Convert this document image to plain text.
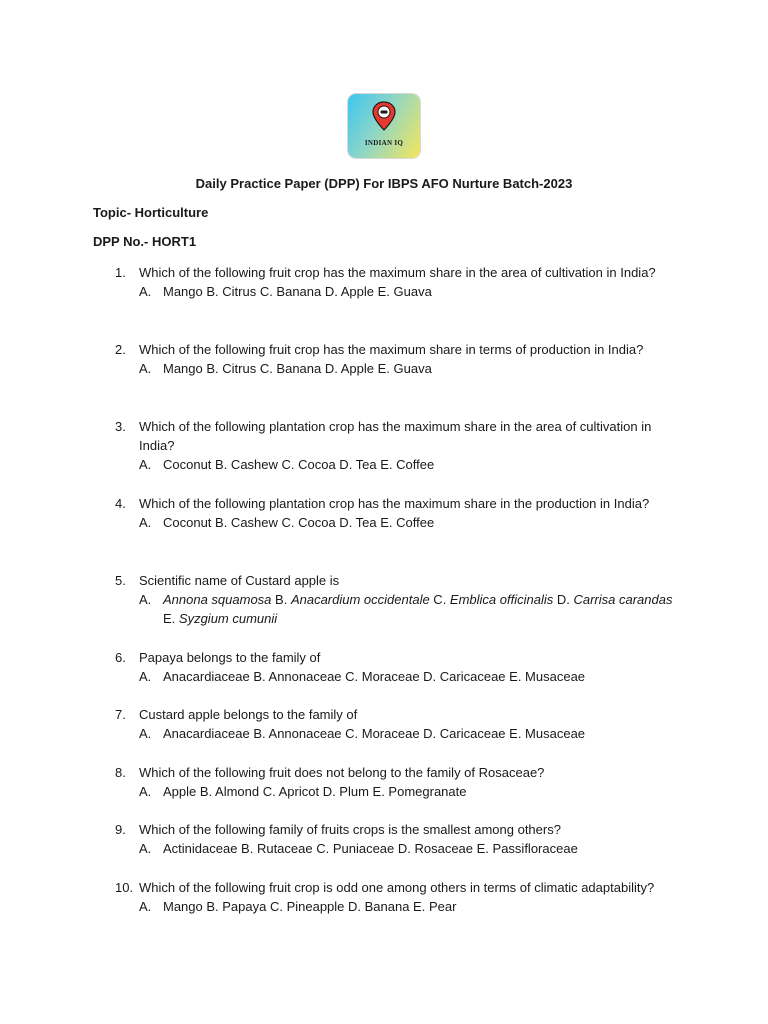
INDIAN IQ
Daily Practice Paper (DPP) For IBPS AFO Nurture Batch-2023
Topic- Horticulture
DPP No.- HORT1
1.	Which of the following fruit crop has the maximum share in the area of cultivation in India?
A. Mango B. Citrus C. Banana D. Apple E. Guava
2.	Which of the following fruit crop has the maximum share in terms of production in India?
A. Mango B. Citrus C. Banana D. Apple E. Guava
3.	Which of the following plantation crop has the maximum share in the area of cultivation in India?
A. Coconut B. Cashew C. Cocoa D. Tea E. Coffee
4.	Which of the following plantation crop has the maximum share in the production in India?
A. Coconut B. Cashew C. Cocoa D. Tea E. Coffee
5.	Scientific name of Custard apple is
A. Annona squamosa B. Anacardium occidentale C. Emblica officinalis D. Carrisa carandas E. Syzgium cumunii
6.	Papaya belongs to the family of
A. Anacardiaceae B. Annonaceae C. Moraceae D. Caricaceae E. Musaceae
7.	Custard apple belongs to the family of
A. Anacardiaceae B. Annonaceae C. Moraceae D. Caricaceae E. Musaceae
8.	Which of the following fruit does not belong to the family of Rosaceae?
A. Apple B. Almond C. Apricot D. Plum E. Pomegranate
9.	Which of the following family of fruits crops is the smallest among others?
A. Actinidaceae B. Rutaceae C. Puniaceae D. Rosaceae E. Passifloraceae
10. Which of the following fruit crop is odd one among others in terms of climatic adaptability?
A. Mango B. Papaya C. Pineapple D. Banana E. Pear
